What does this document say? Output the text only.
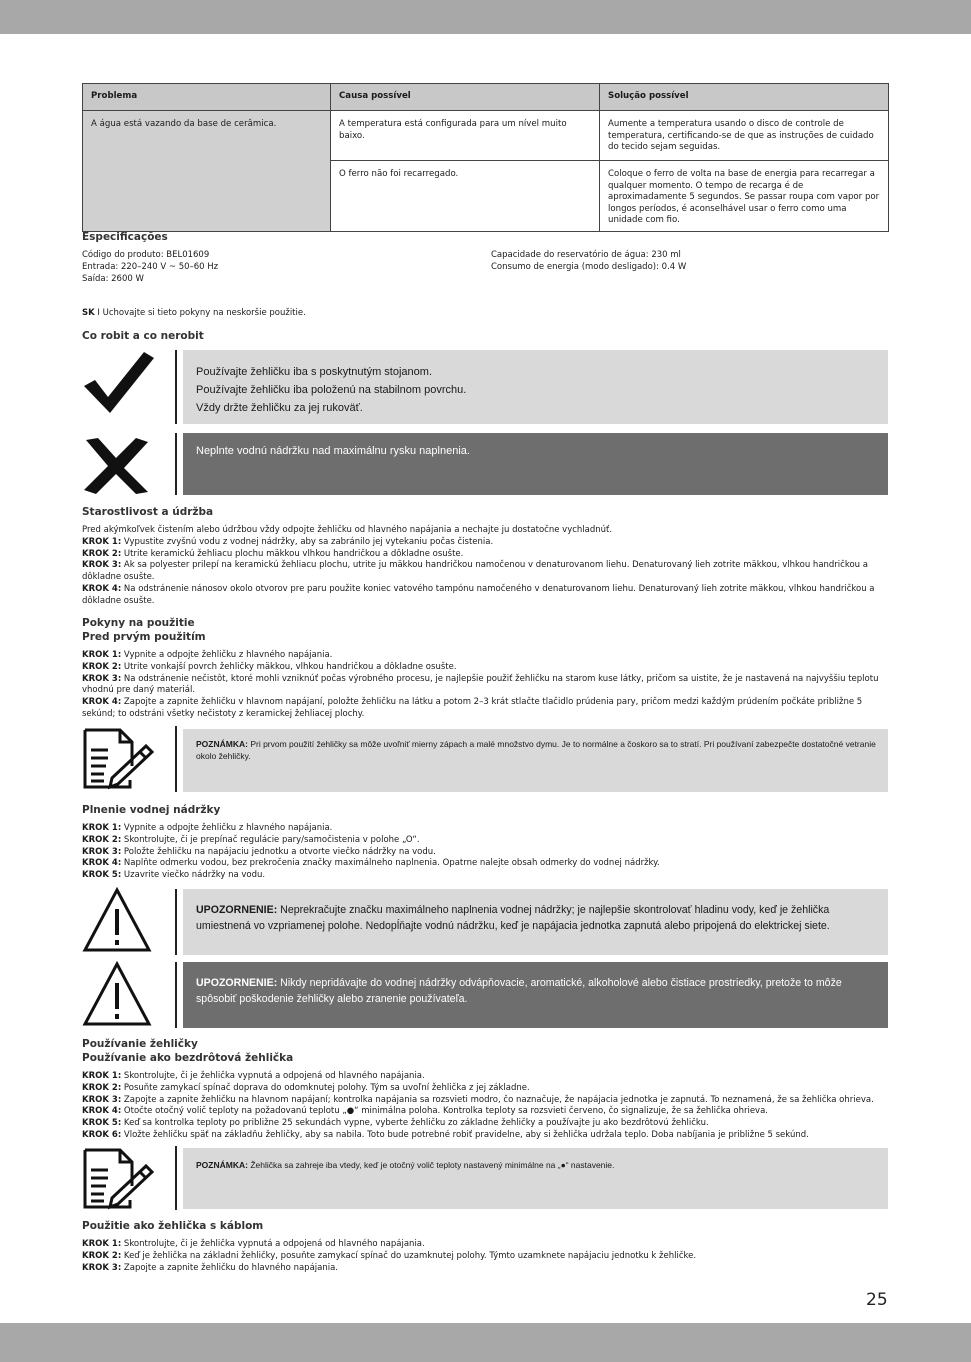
Problema	Causa possível	Solução possível
A água está vazando da base de cerâmica.	A temperatura está configurada para um nível muito baixo.	Aumente a temperatura usando o disco de controle de temperatura, certificando-se de que as instruções de cuidado do tecido sejam seguidas.
	O ferro não foi recarregado.	Coloque o ferro de volta na base de energia para recarregar a qualquer momento. O tempo de recarga é de aproximadamente 5 segundos. Se passar roupa com vapor por longos períodos, é aconselhável usar o ferro como uma unidade com fio.
Especificações

Código do produto: BEL01609

Entrada: 220–240 V ~ 50–60 Hz

Saída: 2600 W

Capacidade do reservatório de água: 230 ml

Consumo de energia (modo desligado): 0.4 W

SK I Uchovajte si tieto pokyny na neskoršie použitie.
Co robit a co nerobit
Používajte žehličku iba s poskytnutým stojanom.
Používajte žehličku iba položenú na stabilnom povrchu.
Vždy držte žehličku za jej rukoväť.
Neplnte vodnú nádržku nad maximálnu rysku naplnenia.
Starostlivost a údržba

Pred akýmkoľvek čistením alebo údržbou vždy odpojte žehličku od hlavného napájania a nechajte ju dostatočne vychladnúť.

KROK 1: Vypustite zvyšnú vodu z vodnej nádržky, aby sa zabránilo jej vytekaniu počas čistenia.

KROK 2: Utrite keramickú žehliacu plochu mäkkou vlhkou handričkou a dôkladne osušte.

KROK 3: Ak sa polyester prilepí na keramickú žehliacu plochu, utrite ju mäkkou handričkou namočenou v denaturovanom liehu. Denaturovaný lieh zotrite mäkkou, vlhkou handričkou a dôkladne osušte.

KROK 4: Na odstránenie nánosov okolo otvorov pre paru použite koniec vatového tampónu namočeného v denaturovanom liehu. Denaturovaný lieh zotrite mäkkou, vlhkou handričkou a dôkladne osušte.

Pokyny na použitie
Pred prvým použitím

KROK 1: Vypnite a odpojte žehličku z hlavného napájania.

KROK 2: Utrite vonkajší povrch žehličky mäkkou, vlhkou handričkou a dôkladne osušte.

KROK 3: Na odstránenie nečistôt, ktoré mohli vzniknúť počas výrobného procesu, je najlepšie použiť žehličku na starom kuse látky, pričom sa uistite, že je nastavená na najvyššiu teplotu vhodnú pre daný materiál.

KROK 4: Zapojte a zapnite žehličku v hlavnom napájaní, položte žehličku na látku a potom 2–3 krát stlačte tlačidlo prúdenia pary, pričom medzi každým prúdením počkáte približne 5 sekúnd; to odstráni všetky nečistoty z keramickej žehliacej plochy.

POZNÁMKA: Pri prvom použití žehličky sa môže uvoľniť mierny zápach a malé množstvo dymu. Je to normálne a čoskoro sa to stratí. Pri používaní zabezpečte dostatočné vetranie okolo žehličky.
Plnenie vodnej nádržky

KROK 1: Vypnite a odpojte žehličku z hlavného napájania.

KROK 2: Skontrolujte, či je prepínač regulácie pary/samočistenia v polohe „O“.

KROK 3: Položte žehličku na napájaciu jednotku a otvorte viečko nádržky na vodu.

KROK 4: Naplňte odmerku vodou, bez prekročenia značky maximálneho naplnenia. Opatrne nalejte obsah odmerky do vodnej nádržky.

KROK 5: Uzavrite viečko nádržky na vodu.

UPOZORNENIE: Neprekračujte značku maximálneho naplnenia vodnej nádržky; je najlepšie skontrolovať hladinu vody, keď je žehlička umiestnená vo vzpriamenej polohe. Nedopĺňajte vodnú nádržku, keď je napájacia jednotka zapnutá alebo pripojená do elektrickej siete.
UPOZORNENIE: Nikdy nepridávajte do vodnej nádržky odvápňovacie, aromatické, alkoholové alebo čistiace prostriedky, pretože to môže spôsobiť poškodenie žehličky alebo zranenie používateľa.
Používanie žehličky
Používanie ako bezdrôtová žehlička

KROK 1: Skontrolujte, či je žehlička vypnutá a odpojená od hlavného napájania.

KROK 2: Posuňte zamykací spínač doprava do odomknutej polohy. Tým sa uvoľní žehlička z jej základne.

KROK 3: Zapojte a zapnite žehličku na hlavnom napájaní; kontrolka napájania sa rozsvieti modro, čo naznačuje, že napájacia jednotka je zapnutá. To neznamená, že sa žehlička ohrieva.

KROK 4: Otočte otočný volič teploty na požadovanú teplotu „●“ minimálna poloha. Kontrolka teploty sa rozsvieti červeno, čo signalizuje, že sa žehlička ohrieva.

KROK 5: Keď sa kontrolka teploty po približne 25 sekundách vypne, vyberte žehličku zo základne žehličky a používajte ju ako bezdrôtovú žehličku.

KROK 6: Vložte žehličku späť na základňu žehličky, aby sa nabila. Toto bude potrebné robiť pravidelne, aby si žehlička udržala teplo. Doba nabíjania je približne 5 sekúnd.

POZNÁMKA: Žehlička sa zahreje iba vtedy, keď je otočný volič teploty nastavený minimálne na „●“ nastavenie.
Použitie ako žehlička s káblom

KROK 1: Skontrolujte, či je žehlička vypnutá a odpojená od hlavného napájania.

KROK 2: Keď je žehlička na základni žehličky, posuňte zamykací spínač do uzamknutej polohy. Týmto uzamknete napájaciu jednotku k žehličke.

KROK 3: Zapojte a zapnite žehličku do hlavného napájania.

25
